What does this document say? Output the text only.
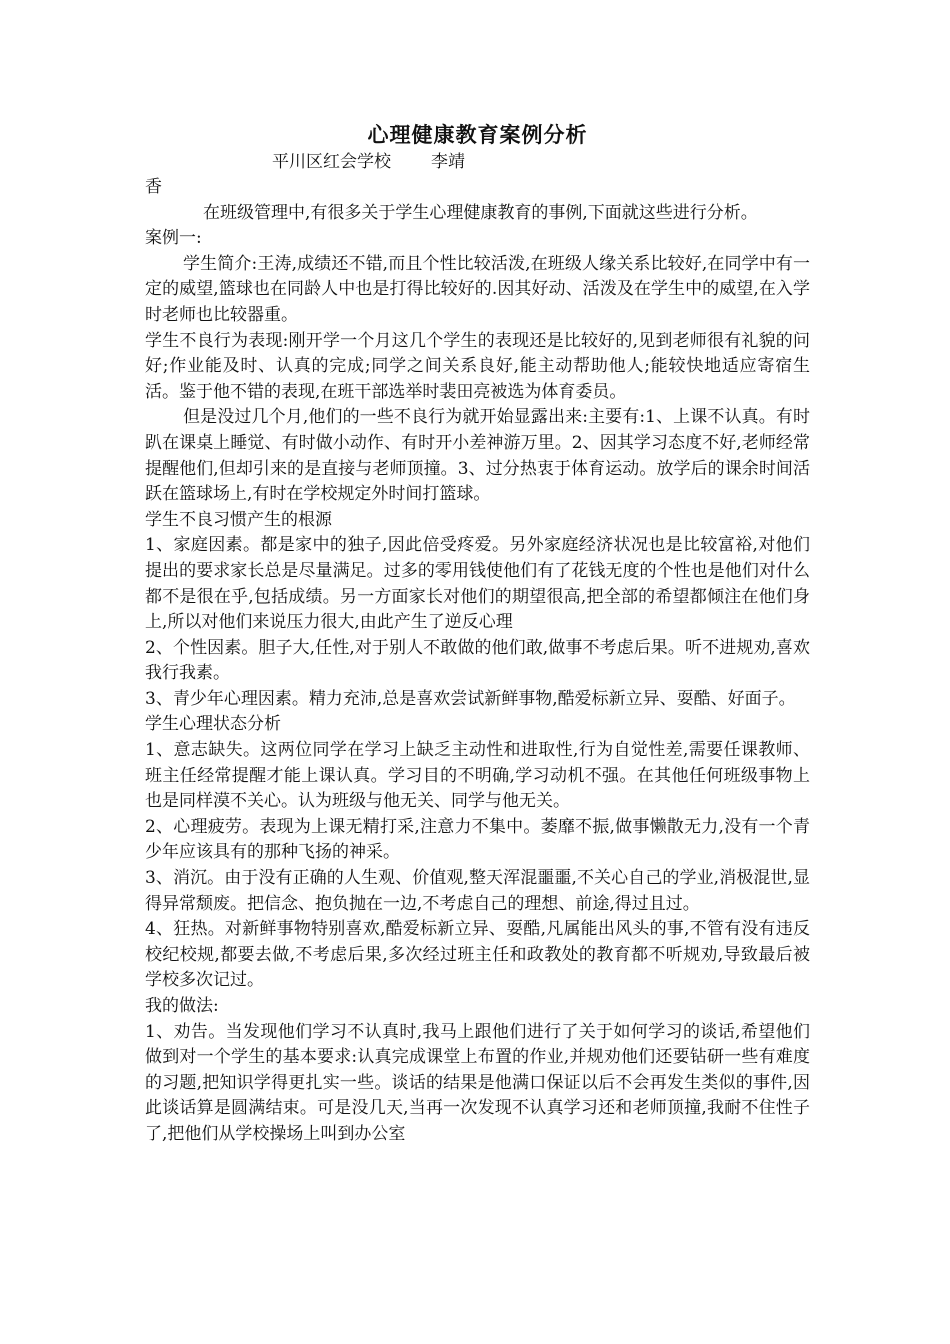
心理健康教育案例分析

平川区红会学校 李靖

香

在班级管理中,有很多关于学生心理健康教育的事例,下面就这些进行分析。

案例一:

学生简介:王涛,成绩还不错,而且个性比较活泼,在班级人缘关系比较好,在同学中有一定的威望,篮球也在同龄人中也是打得比较好的.因其好动、活泼及在学生中的威望,在入学时老师也比较器重。

学生不良行为表现:刚开学一个月这几个学生的表现还是比较好的,见到老师很有礼貌的问好;作业能及时、认真的完成;同学之间关系良好,能主动帮助他人;能较快地适应寄宿生活。鉴于他不错的表现,在班干部选举时裴田亮被选为体育委员。

但是没过几个月,他们的一些不良行为就开始显露出来:主要有:1、上课不认真。有时趴在课桌上睡觉、有时做小动作、有时开小差神游万里。2、因其学习态度不好,老师经常提醒他们,但却引来的是直接与老师顶撞。3、过分热衷于体育运动。放学后的课余时间活跃在篮球场上,有时在学校规定外时间打篮球。

学生不良习惯产生的根源

1、家庭因素。都是家中的独子,因此倍受疼爱。另外家庭经济状况也是比较富裕,对他们提出的要求家长总是尽量满足。过多的零用钱使他们有了花钱无度的个性也是他们对什么都不是很在乎,包括成绩。另一方面家长对他们的期望很高,把全部的希望都倾注在他们身上,所以对他们来说压力很大,由此产生了逆反心理

2、个性因素。胆子大,任性,对于别人不敢做的他们敢,做事不考虑后果。听不进规劝,喜欢我行我素。

3、青少年心理因素。精力充沛,总是喜欢尝试新鲜事物,酷爱标新立异、耍酷、好面子。

学生心理状态分析

1、意志缺失。这两位同学在学习上缺乏主动性和进取性,行为自觉性差,需要任课教师、班主任经常提醒才能上课认真。学习目的不明确,学习动机不强。在其他任何班级事物上也是同样漠不关心。认为班级与他无关、同学与他无关。

2、心理疲劳。表现为上课无精打采,注意力不集中。萎靡不振,做事懒散无力,没有一个青少年应该具有的那种飞扬的神采。

3、消沉。由于没有正确的人生观、价值观,整天浑混噩噩,不关心自己的学业,消极混世,显得异常颓废。把信念、抱负抛在一边,不考虑自己的理想、前途,得过且过。

4、狂热。对新鲜事物特别喜欢,酷爱标新立异、耍酷,凡属能出风头的事,不管有没有违反校纪校规,都要去做,不考虑后果,多次经过班主任和政教处的教育都不听规劝,导致最后被学校多次记过。

我的做法:

1、劝告。当发现他们学习不认真时,我马上跟他们进行了关于如何学习的谈话,希望他们做到对一个学生的基本要求:认真完成课堂上布置的作业,并规劝他们还要钻研一些有难度的习题,把知识学得更扎实一些。谈话的结果是他满口保证以后不会再发生类似的事件,因此谈话算是圆满结束。可是没几天,当再一次发现不认真学习还和老师顶撞,我耐不住性子了,把他们从学校操场上叫到办公室
